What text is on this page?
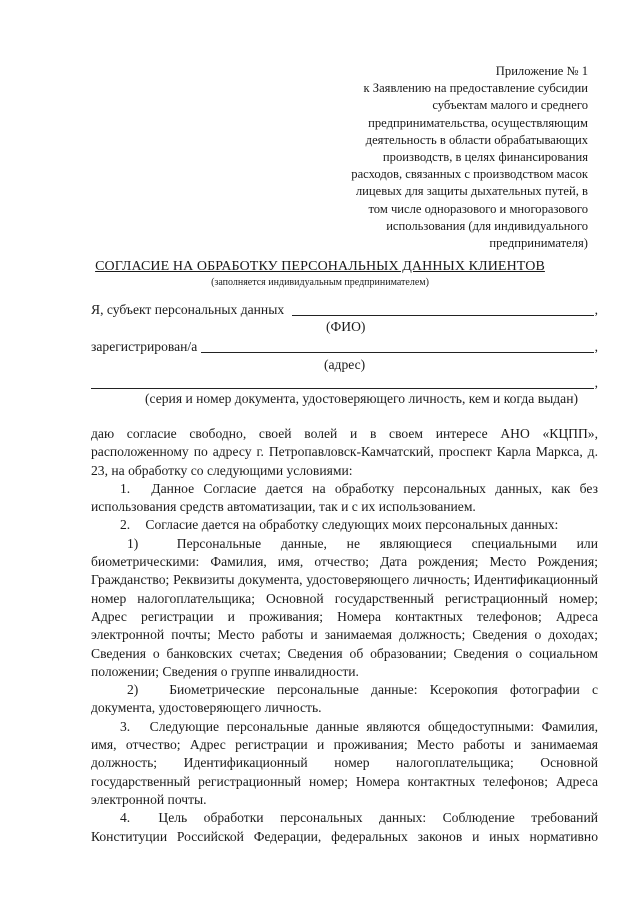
Приложение № 1
к Заявлению на предоставление субсидии
субъектам малого и среднего
предпринимательства, осуществляющим
деятельность в области обрабатывающих
производств, в целях финансирования
расходов, связанных с производством масок
лицевых для защиты дыхательных путей, в
том числе одноразового и многоразового
использования (для индивидуального
предпринимателя)
СОГЛАСИЕ НА ОБРАБОТКУ ПЕРСОНАЛЬНЫХ ДАННЫХ КЛИЕНТОВ
(заполняется индивидуальным предпринимателем)
Я, субъект персональных данных	,
(ФИО)
зарегистрирован/а	,
(адрес)
,
(серия и номер документа, удостоверяющего личность, кем и когда выдан)

даю согласие свободно, своей волей и в своем интересе АНО «КЦПП», расположенному по адресу г. Петропавловск-Камчатский, проспект Карла Маркса, д. 23, на обработку со следующими условиями:

1. Данное Согласие дается на обработку персональных данных, как без использования средств автоматизации, так и с их использованием.

2. Согласие дается на обработку следующих моих персональных данных:

1)	Персональные данные, не являющиеся специальными или биометрическими: Фамилия, имя, отчество; Дата рождения; Место Рождения; Гражданство; Реквизиты документа, удостоверяющего личность; Идентификационный номер налогоплательщика; Основной государственный регистрационный номер; Адрес регистрации и проживания; Номера контактных телефонов; Адреса электронной почты; Место работы и занимаемая должность; Сведения о доходах; Сведения о банковских счетах; Сведения об образовании; Сведения о социальном положении; Сведения о группе инвалидности.

2) Биометрические персональные данные: Ксерокопия фотографии с документа, удостоверяющего личность.

3. Следующие персональные данные являются общедоступными: Фамилия, имя, отчество; Адрес регистрации и проживания; Место работы и занимаемая должность; Идентификационный номер налогоплательщика; Основной государственный регистрационный номер; Номера контактных телефонов; Адреса электронной почты.

4. Цель обработки персональных данных: Соблюдение требований Конституции Российской Федерации, федеральных законов и иных нормативно
